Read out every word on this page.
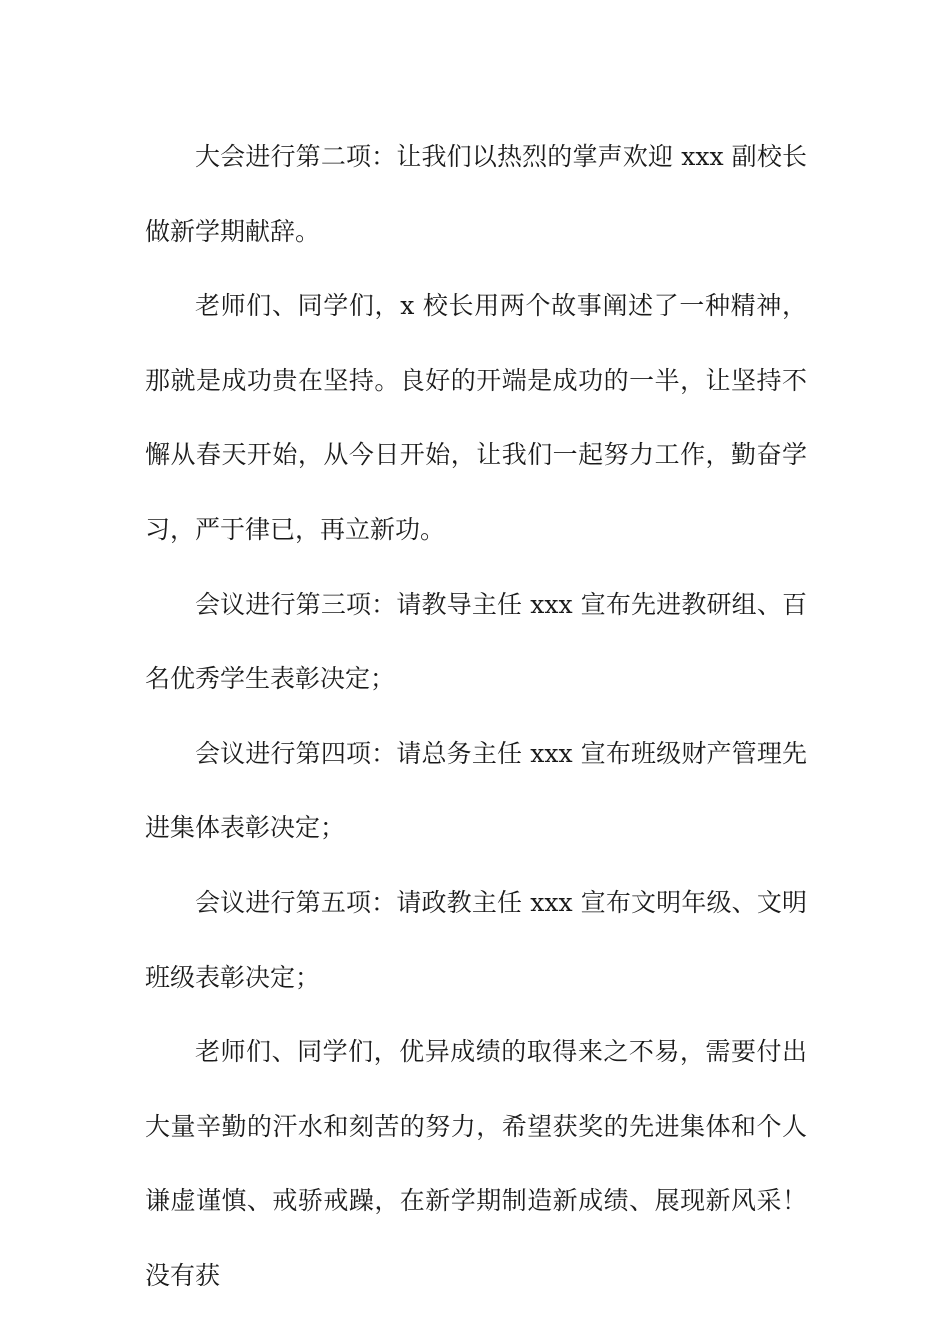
大会进行第二项：让我们以热烈的掌声欢迎 xxx 副校长做新学期献辞。

老师们、同学们，x 校长用两个故事阐述了一种精神，那就是成功贵在坚持。良好的开端是成功的一半，让坚持不懈从春天开始，从今日开始，让我们一起努力工作，勤奋学习，严于律已，再立新功。

会议进行第三项：请教导主任 xxx 宣布先进教研组、百名优秀学生表彰决定；

会议进行第四项：请总务主任 xxx 宣布班级财产管理先进集体表彰决定；

会议进行第五项：请政教主任 xxx 宣布文明年级、文明班级表彰决定；

老师们、同学们，优异成绩的取得来之不易，需要付出大量辛勤的汗水和刻苦的努力，希望获奖的先进集体和个人谦虚谨慎、戒骄戒躁，在新学期制造新成绩、展现新风采！没有获
